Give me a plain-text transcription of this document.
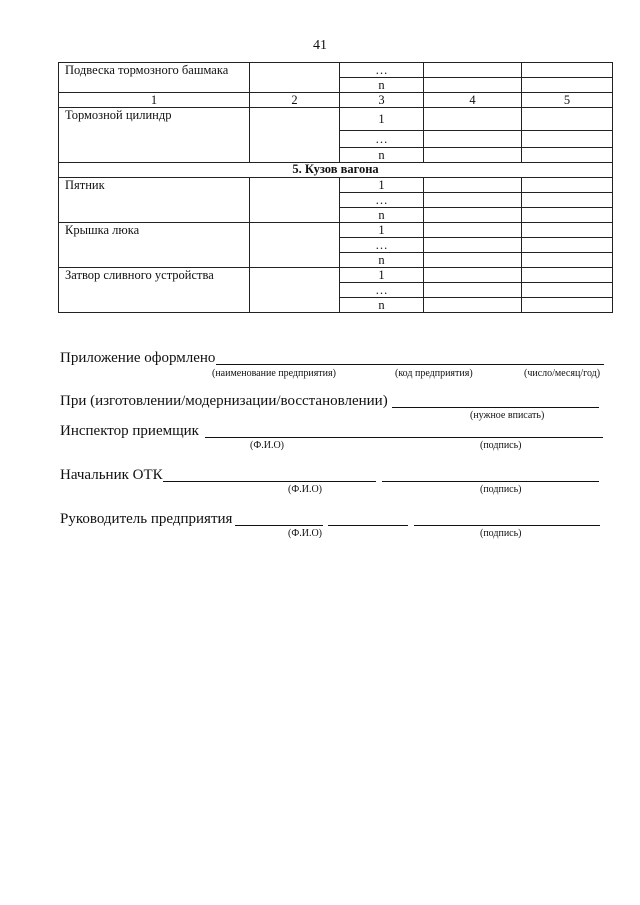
41
Подвеска тормозного башмака		…		
		n		
1	2	3	4	5
Тормозной цилиндр		1		
		…		
		n		
5. Кузов вагона				
Пятник		1		
		…		
		n		
Крышка люка		1		
		…		
		n		
Затвор сливного устройства		1		
		…		
		n		
Приложение оформлено
(наименование предприятия)	(код предприятия)	(число/месяц/год)
При (изготовлении/модернизации/восстановлении)
(нужное вписать)
Инспектор приемщик
(Ф.И.О)	(подпись)
Начальник ОТК
(Ф.И.О)	(подпись)
Руководитель предприятия
(Ф.И.О)	(подпись)
